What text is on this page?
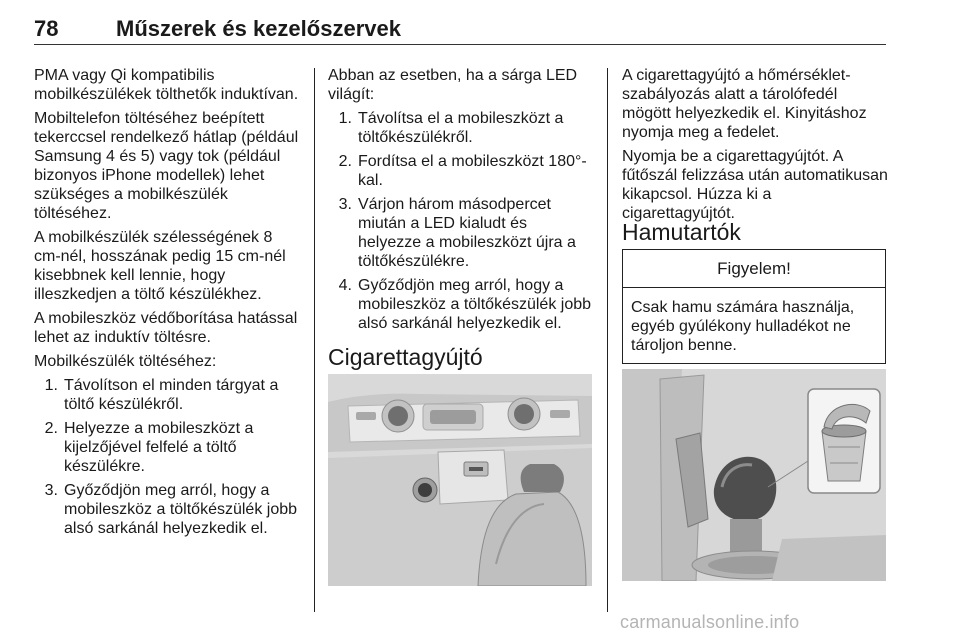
78	Műszerek és kezelőszervek

PMA vagy Qi kompatibilis mobilkészülékek tölthetők induktívan.

Mobiltelefon töltéséhez beépített tekerccsel rendelkező hátlap (például Samsung 4 és 5) vagy tok (például bizonyos iPhone modellek) lehet szükséges a mobilkészülék töltéséhez.

A mobilkészülék szélességének 8 cm-nél, hosszának pedig 15 cm-nél kisebbnek kell lennie, hogy illeszkedjen a töltő készülékhez.

A mobileszköz védőborítása hatással lehet az induktív töltésre.

Mobilkészülék töltéséhez:

1. Távolítson el minden tárgyat a töltő készülékről.
2. Helyezze a mobileszközt a kijelzőjével felfelé a töltő készülékre.
3. Győződjön meg arról, hogy a mobileszköz a töltőkészülék jobb alsó sarkánál helyezkedik el.

Abban az esetben, ha a sárga LED világít:

1. Távolítsa el a mobileszközt a töltőkészülékről.
2. Fordítsa el a mobileszközt 180°-kal.
3. Várjon három másodpercet miután a LED kialudt és helyezze a mobileszközt újra a töltőkészülékre.
4. Győződjön meg arról, hogy a mobileszköz a töltőkészülék jobb alsó sarkánál helyezkedik el.
Cigarettagyújtó

A cigarettagyújtó a hőmérséklet-szabályozás alatt a tárolófedél mögött helyezkedik el. Kinyitáshoz nyomja meg a fedelet.

Nyomja be a cigarettagyújtót. A fűtőszál felizzása után automatikusan kikapcsol. Húzza ki a cigarettagyújtót.

Hamutartók
Figyelem!
Csak hamu számára használja, egyéb gyúlékony hulladékot ne tároljon benne.
carmanualsonline.info
